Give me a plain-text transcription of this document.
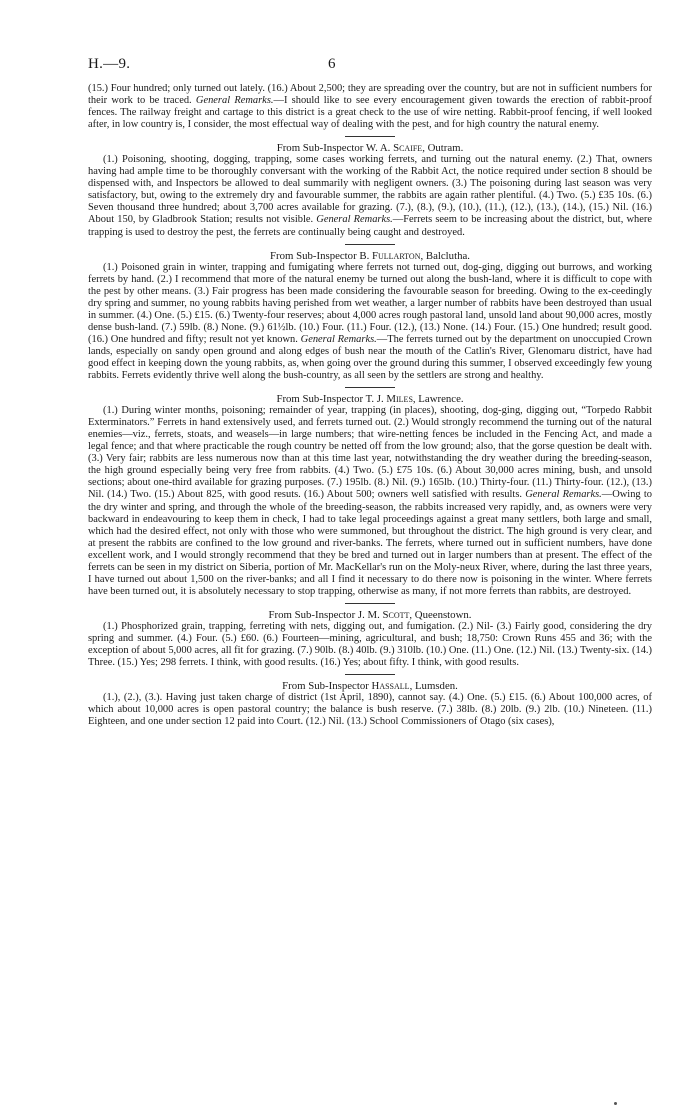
H.—9.	6

(15.) Four hundred; only turned out lately. (16.) About 2,500; they are spreading over the country, but are not in sufficient numbers for their work to be traced. General Remarks.—I should like to see every encouragement given towards the erection of rabbit-proof fences. The railway freight and cartage to this district is a great check to the use of wire netting. Rabbit-proof fencing, if well looked after, in low country is, I consider, the most effectual way of dealing with the pest, and for high country the natural enemy.

From Sub-Inspector W. A. Scaife, Outram.

(1.) Poisoning, shooting, dogging, trapping, some cases working ferrets, and turning out the natural enemy. (2.) That, owners having had ample time to be thoroughly conversant with the working of the Rabbit Act, the notice required under section 8 should be dispensed with, and Inspectors be allowed to deal summarily with negligent owners. (3.) The poisoning during last season was very satisfactory, but, owing to the extremely dry and favourable summer, the rabbits are again rather plentiful. (4.) Two. (5.) £35 10s. (6.) Seven thousand three hundred; about 3,700 acres available for grazing. (7.), (8.), (9.), (10.), (11.), (12.), (13.), (14.), (15.) Nil. (16.) About 150, by Gladbrook Station; results not visible. General Remarks.—Ferrets seem to be increasing about the district, but, where trapping is used to destroy the pest, the ferrets are continually being caught and destroyed.

From Sub-Inspector B. Fullarton, Balclutha.

(1.) Poisoned grain in winter, trapping and fumigating where ferrets not turned out, dog-ging, digging out burrows, and working ferrets by hand. (2.) I recommend that more of the natural enemy be turned out along the bush-land, where it is difficult to cope with the pest by other means. (3.) Fair progress has been made considering the favourable season for breeding. Owing to the ex-ceedingly dry spring and summer, no young rabbits having perished from wet weather, a larger number of rabbits have been destroyed than usual in summer. (4.) One. (5.) £15. (6.) Twenty-four reserves; about 4,000 acres rough pastoral land, unsold land about 90,000 acres, mostly dense bush-land. (7.) 59lb. (8.) None. (9.) 61½lb. (10.) Four. (11.) Four. (12.), (13.) None. (14.) Four. (15.) One hundred; result good. (16.) One hundred and fifty; result not yet known. General Remarks.—The ferrets turned out by the department on unoccupied Crown lands, especially on sandy open ground and along edges of bush near the mouth of the Catlin's River, Glenomaru district, have had good effect in keeping down the young rabbits, as, when going over the ground during this summer, I observed exceedingly few young rabbits. Ferrets evidently thrive well along the bush-country, as all seen by the settlers are strong and healthy.

From Sub-Inspector T. J. Miles, Lawrence.

(1.) During winter months, poisoning; remainder of year, trapping (in places), shooting, dog-ging, digging out, “Torpedo Rabbit Exterminators.” Ferrets in hand extensively used, and ferrets turned out. (2.) Would strongly recommend the turning out of the natural enemies—viz., ferrets, stoats, and weasels—in large numbers; that wire-netting fences be included in the Fencing Act, and made a legal fence; and that where practicable the rough country be netted off from the low ground; also, that the gorse question be dealt with. (3.) Very fair; rabbits are less numerous now than at this time last year, notwithstanding the dry weather during the breeding-season, the high ground especially being very free from rabbits. (4.) Two. (5.) £75 10s. (6.) About 30,000 acres mining, bush, and unsold sections; about one-third available for grazing purposes. (7.) 195lb. (8.) Nil. (9.) 165lb. (10.) Thirty-four. (11.) Thirty-four. (12.), (13.) Nil. (14.) Two. (15.) About 825, with good resuts. (16.) About 500; owners well satisfied with results. General Remarks.—Owing to the dry winter and spring, and through the whole of the breeding-season, the rabbits increased very rapidly, and, as owners were very backward in endeavouring to keep them in check, I had to take legal proceedings against a great many settlers, both large and small, which had the desired effect, not only with those who were summoned, but throughout the district. The high ground is very clear, and at present the rabbits are confined to the low ground and river-banks. The ferrets, where turned out in sufficient numbers, have done excellent work, and I would strongly recommend that they be bred and turned out in larger numbers than at present. The effect of the ferrets can be seen in my district on Siberia, portion of Mr. MacKellar's run on the Moly-neux River, where, during the last three years, I have turned out about 1,500 on the river-banks; and all I find it necessary to do there now is poisoning in the winter. Where ferrets have been turned out, it is absolutely necessary to stop trapping, otherwise as many, if not more ferrets than rabbits, are destroyed.

From Sub-Inspector J. M. Scott, Queenstown.

(1.) Phosphorized grain, trapping, ferreting with nets, digging out, and fumigation. (2.) Nil- (3.) Fairly good, considering the dry spring and summer. (4.) Four. (5.) £60. (6.) Fourteen—mining, agricultural, and bush; 18,750: Crown Runs 455 and 36; with the exception of about 5,000 acres, all fit for grazing. (7.) 90lb. (8.) 40lb. (9.) 310lb. (10.) One. (11.) One. (12.) Nil. (13.) Twenty-six. (14.) Three. (15.) Yes; 298 ferrets. I think, with good results. (16.) Yes; about fifty. I think, with good results.

From Sub-Inspector Hassall, Lumsden.

(1.), (2.), (3.). Having just taken charge of district (1st April, 1890), cannot say. (4.) One. (5.) £15. (6.) About 100,000 acres, of which about 10,000 acres is open pastoral country; the balance is bush reserve. (7.) 38lb. (8.) 20lb. (9.) 2lb. (10.) Nineteen. (11.) Eighteen, and one under section 12 paid into Court. (12.) Nil. (13.) School Commissioners of Otago (six cases),
